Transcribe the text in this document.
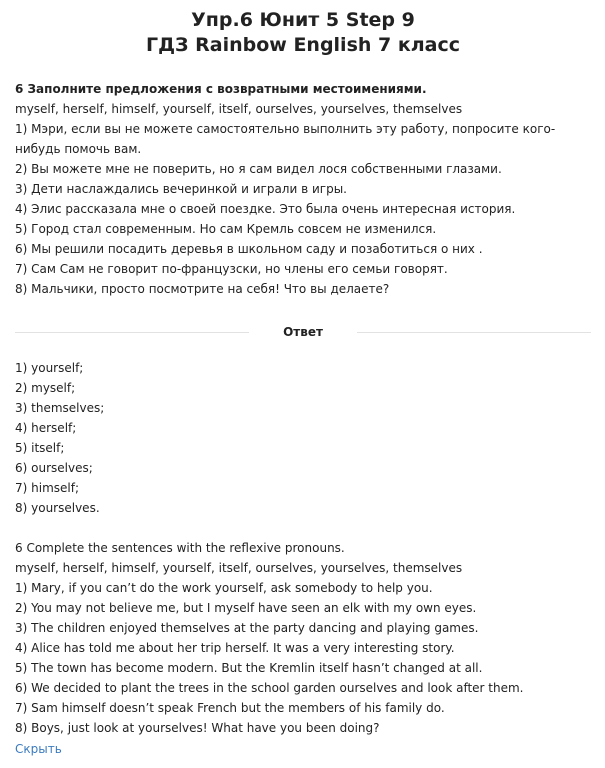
Упр.6 Юнит 5 Step 9
ГДЗ Rainbow English 7 класс
6 Заполните предложения с возвратными местоимениями.
myself, herself, himself, yourself, itself, ourselves, yourselves, themselves
1) Мэри, если вы не можете самостоятельно выполнить эту работу, попросите кого-нибудь помочь вам.
2) Вы можете мне не поверить, но я сам видел лося собственными глазами.
3) Дети наслаждались вечеринкой и играли в игры.
4) Элис рассказала мне о своей поездке. Это была очень интересная история.
5) Город стал современным. Но сам Кремль совсем не изменился.
6) Мы решили посадить деревья в школьном саду и позаботиться о них .
7) Сам Сам не говорит по-французски, но члены его семьи говорят.
8) Мальчики, просто посмотрите на себя! Что вы делаете?
Ответ
1) yourself;
2) myself;
3) themselves;
4) herself;
5) itself;
6) ourselves;
7) himself;
8) yourselves.
6 Complete the sentences with the reflexive pronouns.
myself, herself, himself, yourself, itself, ourselves, yourselves, themselves
1) Mary, if you can’t do the work yourself, ask somebody to help you.
2) You may not believe me, but I myself have seen an elk with my own eyes.
3) The children enjoyed themselves at the party dancing and playing games.
4) Alice has told me about her trip herself. It was a very interesting story.
5) The town has become modern. But the Kremlin itself hasn’t changed at all.
6) We decided to plant the trees in the school garden ourselves and look after them.
7) Sam himself doesn’t speak French but the members of his family do.
8) Boys, just look at yourselves! What have you been doing?
Скрыть
